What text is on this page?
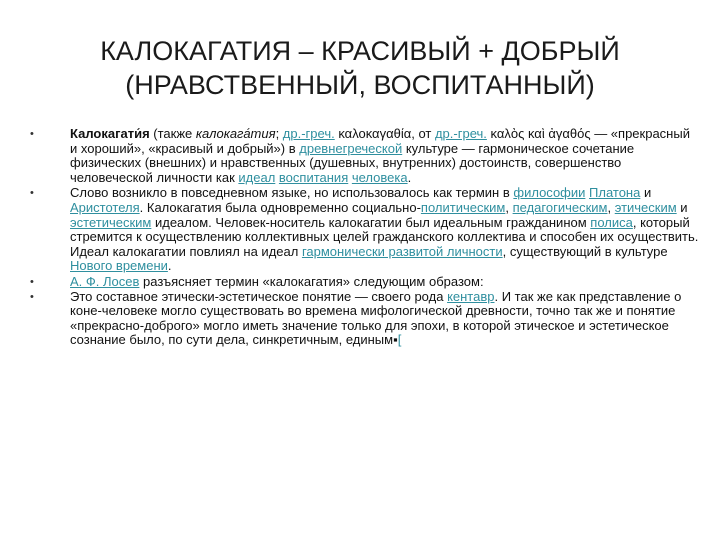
КАЛОКАГАТИЯ – КРАСИВЫЙ + ДОБРЫЙ
(НРАВСТВЕННЫЙ, ВОСПИТАННЫЙ)
•	Калокагати́я (также калокага́тия; др.-греч. καλοκαγαθία, от др.-греч. καλὸς καὶ ἀγαθός — «прекрасный и хороший», «красивый и добрый») в древнегреческой культуре — гармоническое сочетание физических (внешних) и нравственных (душевных, внутренних) достоинств, совершенство человеческой личности как идеал воспитания человека.
•	Слово возникло в повседневном языке, но использовалось как термин в философии Платона и Аристотеля. Калокагатия была одновременно социально-политическим, педагогическим, этическим и эстетическим идеалом. Человек-носитель калокагатии был идеальным гражданином полиса, который стремится к осуществлению коллективных целей гражданского коллектива и способен их осуществить. Идеал калокагатии повлиял на идеал гармонически развитой личности, существующий в культуре Нового времени.
•	А. Ф. Лосев разъясняет термин «калокагатия» следующим образом:
•	Это составное этически-эстетическое понятие — своего рода кентавр. И так же как представление о коне-человеке могло существовать во времена мифологической древности, точно так же и понятие «прекрасно-доброго» могло иметь значение только для эпохи, в которой этическое и эстетическое сознание было, по сути дела, синкретичным, единым▪[
